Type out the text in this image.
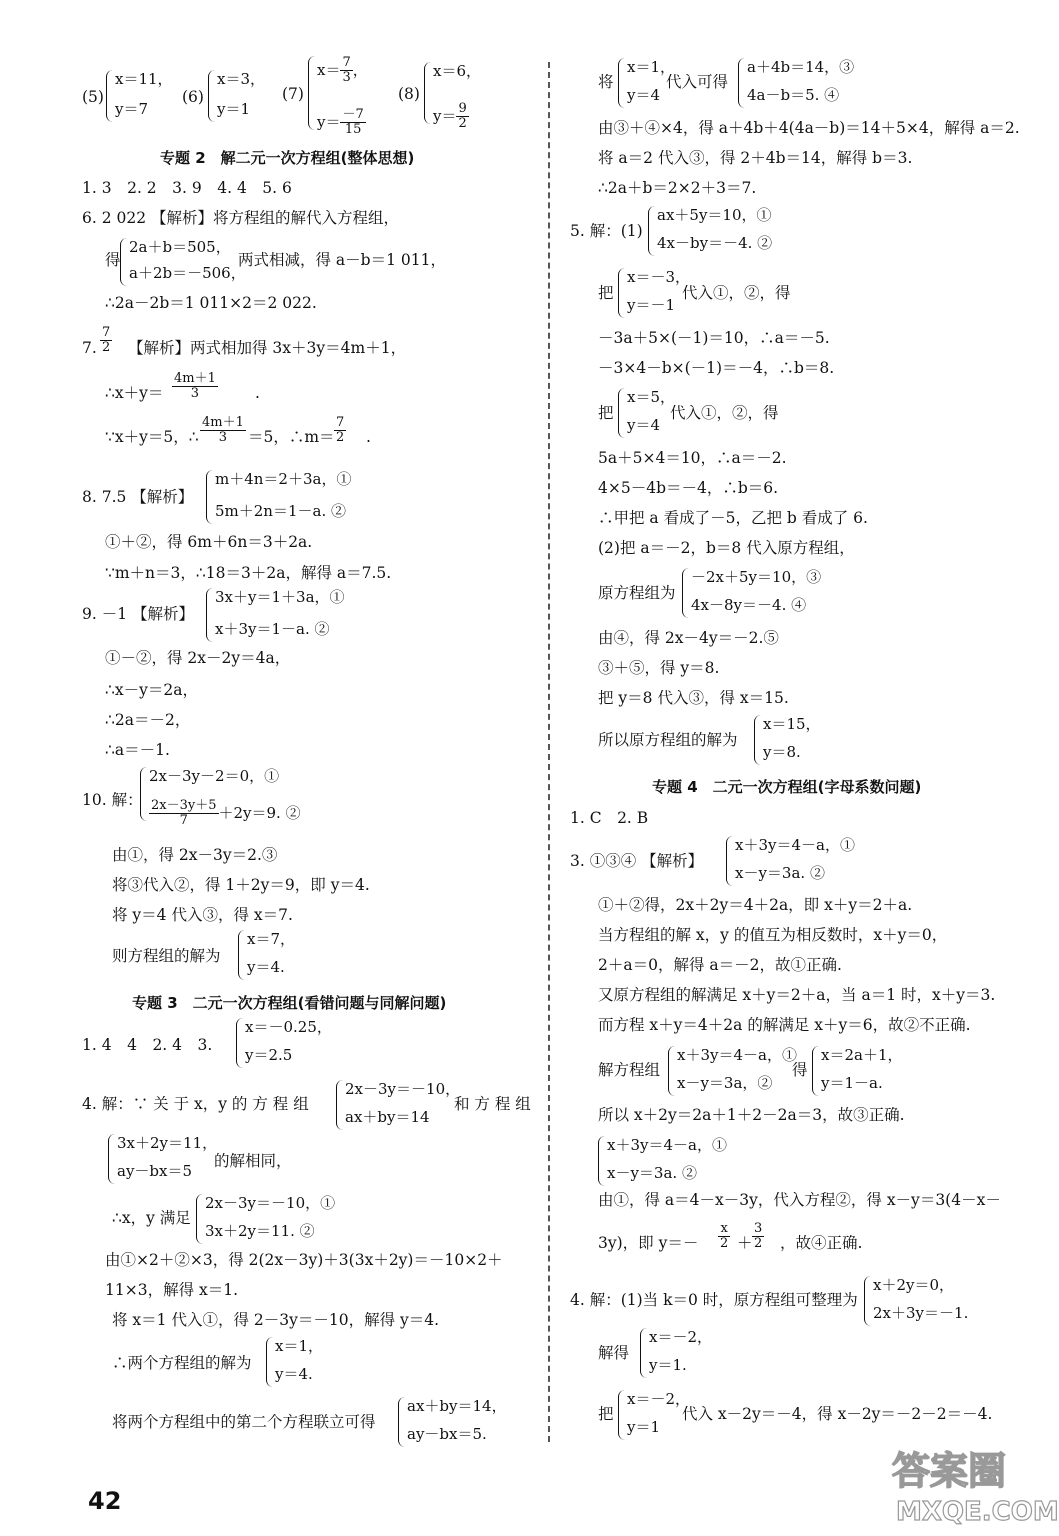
专题 2　解二元一次方程组(整体思想)
1. 3　2. 2　3. 9　4. 4　5. 6
6. 2 022 【解析】将方程组的解代入方程组，
得	两式相减，得 a－b＝1 011，
∴2a－2b＝1 011×2＝2 022.
7. 【解析】两式相加得 3x＋3y＝4m＋1，
∴x＋y＝
∵x＋y＝5，∴	＝5，∴m＝
8. 7.5 【解析】
①＋②，得 6m＋6n＝3＋2a.
∵m＋n＝3，∴18＝3＋2a，解得 a＝7.5.
9. －1 【解析】
①－②，得 2x－2y＝4a，
∴x－y＝2a，
∴2a＝－2，
∴a＝－1.
10. 解：
由①，得 2x－3y＝2.③
将③代入②，得 1＋2y＝9，即 y＝4.
将 y＝4 代入③，得 x＝7.
则方程组的解为
专题 3　二元一次方程组(看错问题与同解问题)
1. 4　4　2. 4　3.
4. 解：∵ 关 于 x，y 的 方 程 组	和 方 程 组
的解相同，
∴x，y 满足
由①×2＋②×3，得 2(2x－3y)＋3(3x＋2y)＝－10×2＋
11×3，解得 x＝1.
将 x＝1 代入①，得 2－3y＝－10，解得 y＝4.
∴两个方程组的解为
将两个方程组中的第二个方程联立可得
将	代入可得
由③＋④×4，得 a＋4b＋4(4a－b)＝14＋5×4，解得 a＝2.
将 a＝2 代入③，得 2＋4b＝14，解得 b＝3.
∴2a＋b＝2×2＋3＝7.
5. 解：(1)
把	代入①，②，得
－3a＋5×(－1)＝10，∴a＝－5.
－3×4－b×(－1)＝－4，∴b＝8.
把	代入①，②，得
5a＋5×4＝10，∴a＝－2.
4×5－4b＝－4，∴b＝6.
∴甲把 a 看成了－5，乙把 b 看成了 6.
(2)把 a＝－2，b＝8 代入原方程组，
原方程组为
由④，得 2x－4y＝－2.⑤
③＋⑤，得 y＝8.
把 y＝8 代入③，得 x＝15.
所以原方程组的解为
专题 4　二元一次方程组(字母系数问题)
1. C　2. B
3. ①③④ 【解析】
①＋②得，2x＋2y＝4＋2a，即 x＋y＝2＋a.
当方程组的解 x，y 的值互为相反数时，x＋y＝0，
2＋a＝0，解得 a＝－2，故①正确.
又原方程组的解满足 x＋y＝2＋a，当 a＝1 时，x＋y＝3.
而方程 x＋y＝4＋2a 的解满足 x＋y＝6，故②不正确.
解方程组	得
所以 x＋2y＝2a＋1＋2－2a＝3，故③正确.
由①，得 a＝4－x－3y，代入方程②，得 x－y＝3(4－x－
3y)，即 y＝－	，故④正确.
4. 解：(1)当 k＝0 时，原方程组可整理为
解得
把	代入 x－2y＝－4，得 x－2y＝－2－2＝－4.
＋
.
.
(5)
x＝11，
y＝7
(6)
x＝3，
y＝1
(7)
$x= \frac{7}{3}$ ，
$y= \frac{-7}{15}$
(8)
x＝6，
$y= \frac{9}{2}$
2a＋b＝505，
a＋2b＝－506，
m＋4n＝2＋3a，①
5m＋2n＝1－a. ②
3x＋y＝1＋3a，①
x＋3y＝1－a. ②
2x－3y－2＝0，①
$\frac{2x-3y+5}{7} +2y=9$. ②
x＝7，
y＝4.
x＝－0.25，
y＝2.5
2x－3y＝－10，
ax＋by＝14
3x＋2y＝11，
ay－bx＝5
2x－3y＝－10，①
3x＋2y＝11. ②
x＝1，
y＝4.
ax＋by＝14，
ay－bx＝5.
x＝1，
y＝4
a＋4b＝14，③
4a－b＝5. ④
ax＋5y＝10，①
4x－by＝－4. ②
x＝－3，
y＝－1
x＝5，
y＝4
－2x＋5y＝10，③
4x－8y＝－4. ④
x＝15，
y＝8.
x＋3y＝4－a，①
x－y＝3a. ②
x＋3y＝4－a，①
x－y＝3a，②
x＝2a＋1，
y＝1－a.
x＋3y＝4－a，①
x－y＝3a. ②
x＋2y＝0，
2x＋3y＝－1.
x＝－2，
y＝1.
x＝－2，
y＝1
$\frac{7}{2}$
$\frac{4m+1}{3}$
$\frac{4m+1}{3}$	$\frac{7}{2}$
$\frac{x}{2} \frac{3}{2}$
42
答案圈
MXQE.COM
